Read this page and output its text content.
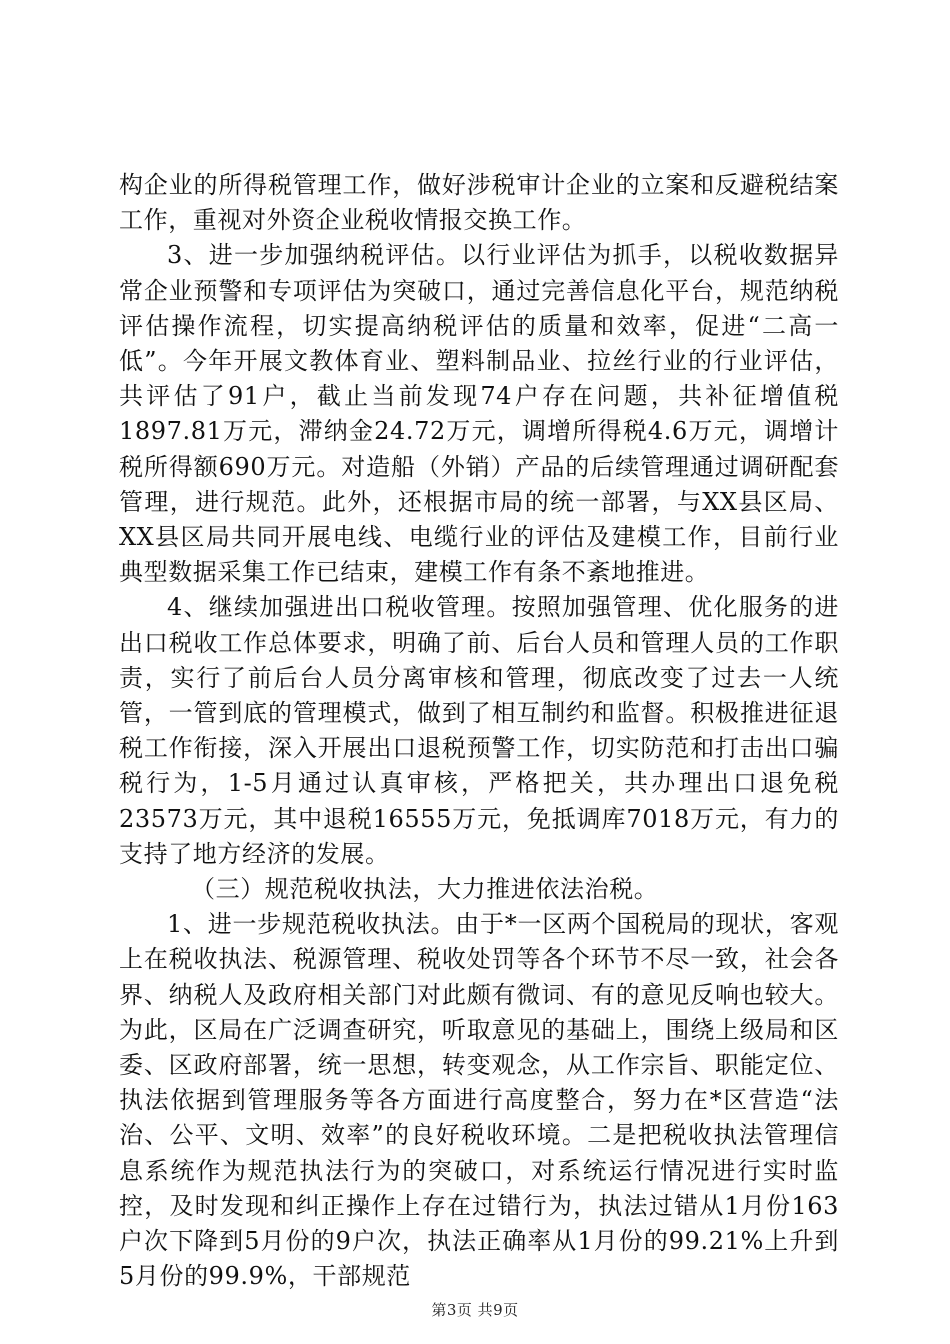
构企业的所得税管理工作，做好涉税审计企业的立案和反避税结案工作，重视对外资企业税收情报交换工作。

3、进一步加强纳税评估。以行业评估为抓手，以税收数据异常企业预警和专项评估为突破口，通过完善信息化平台，规范纳税评估操作流程，切实提高纳税评估的质量和效率，促进“二高一低”。今年开展文教体育业、塑料制品业、拉丝行业的行业评估，共评估了91户，截止当前发现74户存在问题，共补征增值税1897.81万元，滞纳金24.72万元，调增所得税4.6万元，调增计税所得额690万元。对造船（外销）产品的后续管理通过调研配套管理，进行规范。此外，还根据市局的统一部署，与XX县区局、XX县区局共同开展电线、电缆行业的评估及建模工作，目前行业典型数据采集工作已结束，建模工作有条不紊地推进。

4、继续加强进出口税收管理。按照加强管理、优化服务的进出口税收工作总体要求，明确了前、后台人员和管理人员的工作职责，实行了前后台人员分离审核和管理，彻底改变了过去一人统管，一管到底的管理模式，做到了相互制约和监督。积极推进征退税工作衔接，深入开展出口退税预警工作，切实防范和打击出口骗税行为，1-5月通过认真审核，严格把关，共办理出口退免税23573万元，其中退税16555万元，免抵调库7018万元，有力的支持了地方经济的发展。

（三）规范税收执法，大力推进依法治税。

1、进一步规范税收执法。由于*一区两个国税局的现状，客观上在税收执法、税源管理、税收处罚等各个环节不尽一致，社会各界、纳税人及政府相关部门对此颇有微词、有的意见反响也较大。为此，区局在广泛调查研究，听取意见的基础上，围绕上级局和区委、区政府部署，统一思想，转变观念，从工作宗旨、职能定位、执法依据到管理服务等各方面进行高度整合，努力在*区营造“法治、公平、文明、效率”的良好税收环境。二是把税收执法管理信息系统作为规范执法行为的突破口，对系统运行情况进行实时监控，及时发现和纠正操作上存在过错行为，执法过错从1月份163户次下降到5月份的9户次，执法正确率从1月份的99.21%上升到5月份的99.9%，干部规范

第3页 共9页
